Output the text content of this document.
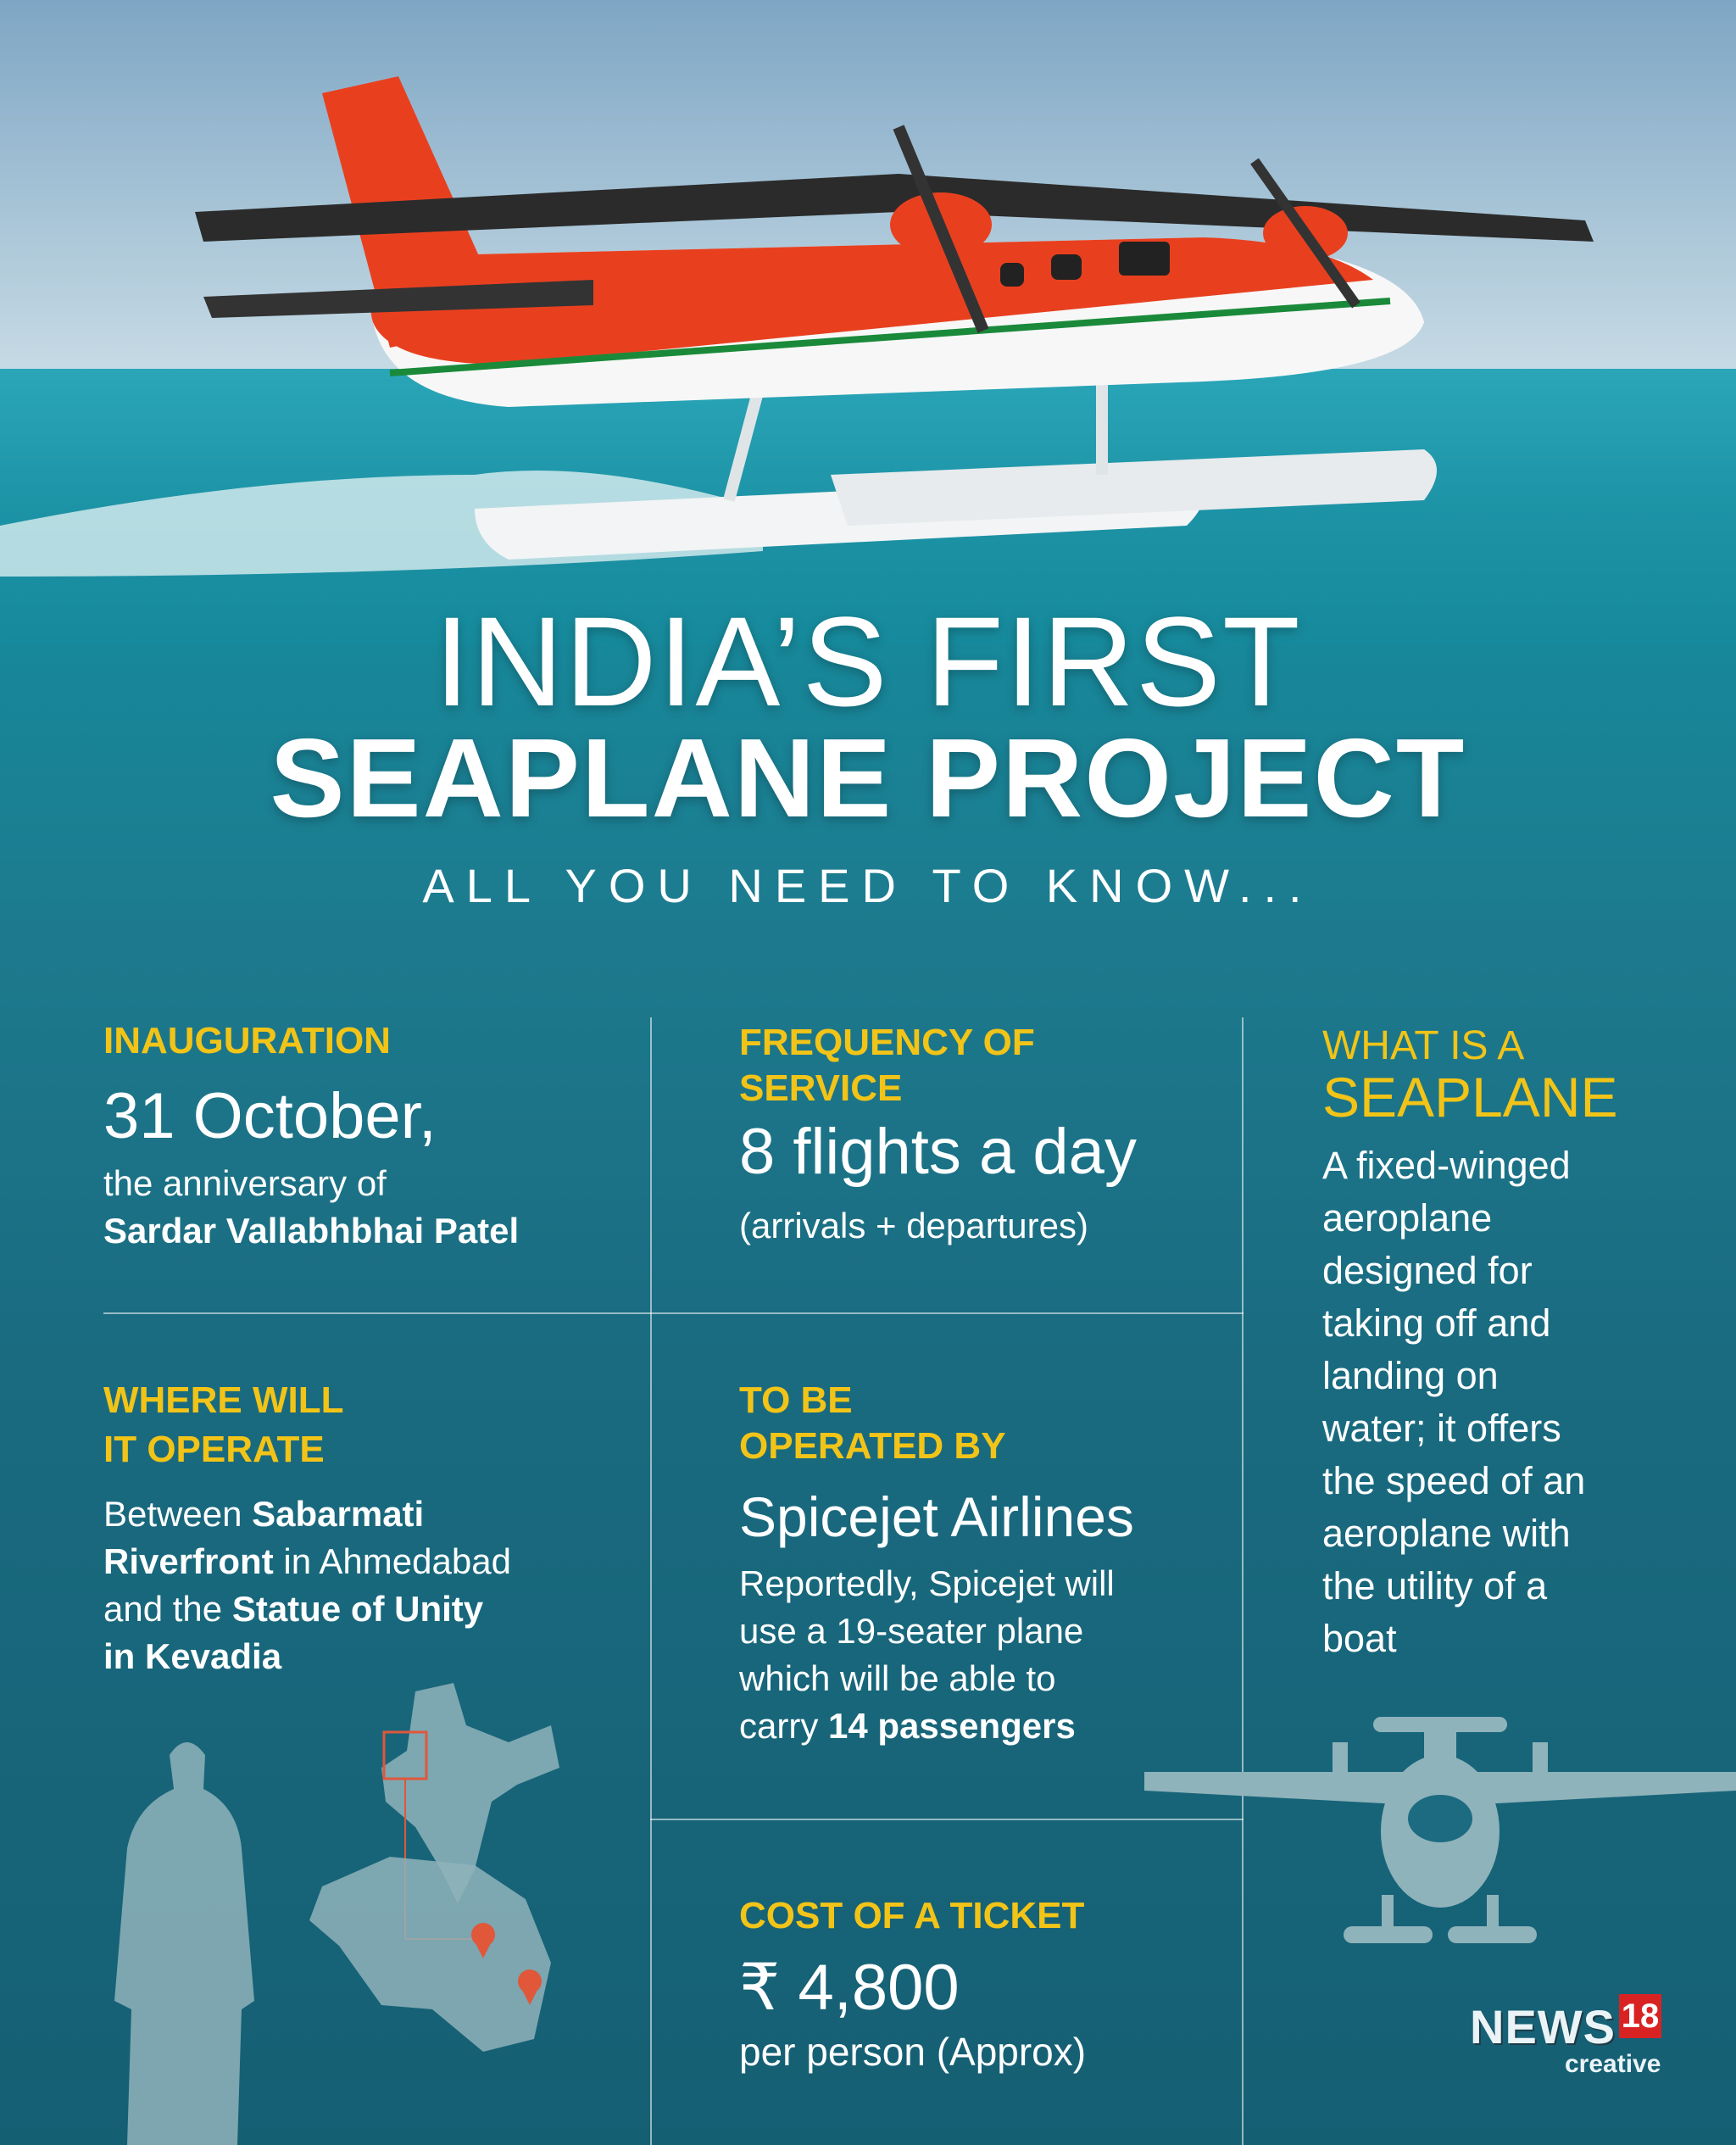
INDIA’S FIRST
SEAPLANE PROJECT
ALL YOU NEED TO KNOW...
INAUGURATION
31 October,
the anniversary of
Sardar Vallabhbhai Patel
FREQUENCY OF
SERVICE
8 flights a day
(arrivals + departures)
WHAT IS A
SEAPLANE
A fixed-winged
aeroplane
designed for
taking off and
landing on
water; it offers
the speed of an
aeroplane with
the utility of a
boat
WHERE WILL
IT OPERATE
Between Sabarmati
Riverfront in Ahmedabad
and the Statue of Unity
in Kevadia
TO BE
OPERATED BY
Spicejet Airlines
Reportedly, Spicejet will
use a 19-seater plane
which will be able to
carry 14 passengers
COST OF A TICKET
₹ 4,800
per person (Approx)	NEWS 18
creative
